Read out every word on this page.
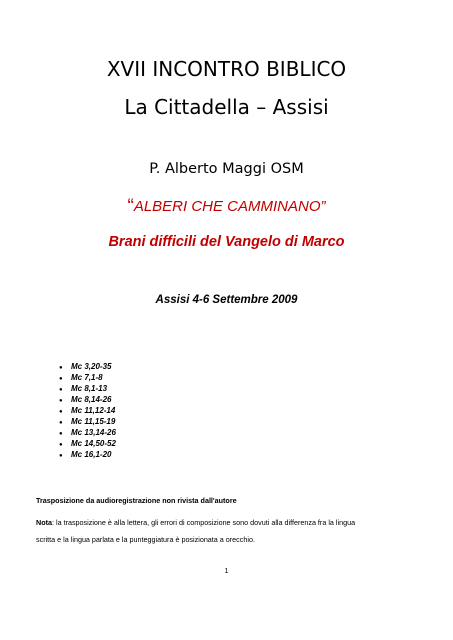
XVII INCONTRO BIBLICO
La Cittadella – Assisi
P. Alberto Maggi OSM
“ALBERI CHE CAMMINANO”
Brani difficili del Vangelo di Marco
Assisi 4-6 Settembre 2009
● Mc 3,20-35
● Mc 7,1-8
● Mc 8,1-13
● Mc 8,14-26
● Mc 11,12-14
● Mc 11,15-19
● Mc 13,14-26
● Mc 14,50-52
● Mc 16,1-20
Trasposizione da audioregistrazione non rivista dall'autore
Nota: la trasposizione è alla lettera, gli errori di composizione sono dovuti alla differenza fra la lingua
scritta e la lingua parlata e la punteggiatura è posizionata a orecchio.
1
